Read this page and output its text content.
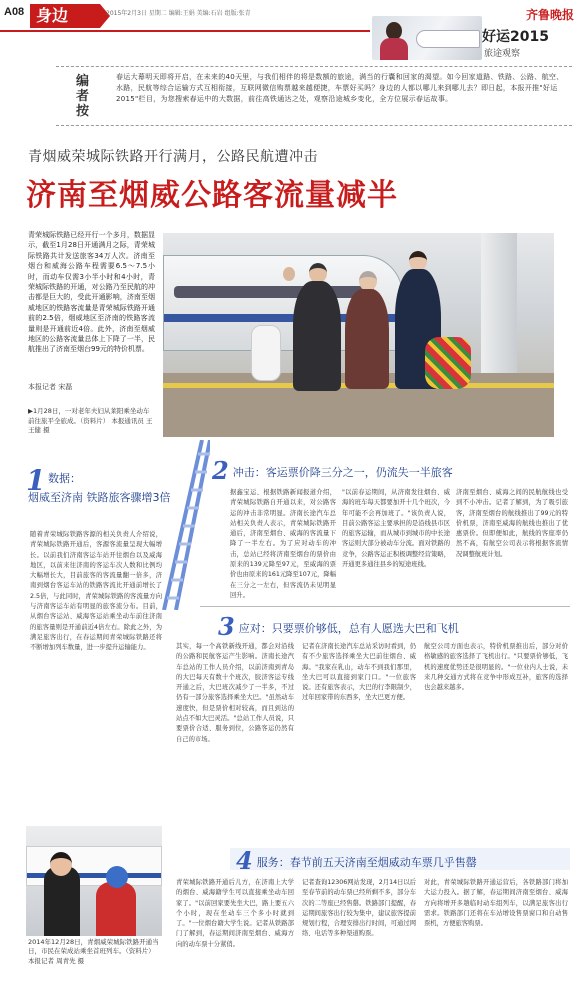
A08 身边	2015年2月3日 星期二 编辑:王娟 美编:石岩 组版:张青	齐鲁晚报
好运2015
旅途观察
编者按
春运大幕明天即将开启，在未来的40天里，与我们相伴的将是数额的旅途，满当的行囊和回家的渴望。如今回家道路、铁路、公路、航空、水路，民航等综合运输方式互相衔接，互联网微信购票越来越便捷，车票好买吗？身边的人都以哪儿来到哪儿去？即日起，本报开推"好运2015"栏目，为您搜索春运中的大数据，前往高铁通达之处，观察沿途城乡变化，全方位展示春运故事。
青烟威荣城际铁路开行满月，公路民航遭冲击
济南至烟威公路客流量减半
青荣城际铁路已经开行一个多月，数据显示，截至1月28日开通满月之际，青荣城际铁路共计发送旅客34万人次。济南至烟台和威海公路车程需要6.5～7.5小时，而动车仅需3小半小时和4小时，青荣城际铁路的开通，对公路乃至民航的冲击都是巨大的，受此开通影响，济南至烟威地区的铁路客流量是青荣城际铁路开通前的2.5倍，烟威地区至济南的铁路客流量则是开通前近4倍。此外，济南至烟威地区的公路客流量总体上下降了一半，民航推出了济南至烟台99元的特价机票。
本报记者 宋磊
▶1月28日，一对老年夫妇从莱阳乘坐动车前往旅平全旅成。（资料片） 本报通讯员 王王健 摄
1 数据：
烟威至济南 铁路旅客骤增3倍
随着青荣城际铁路客源的相关负责人介绍说，青荣城际铁路开通后，客源客流量呈现大幅增长。以前我们济南客运车站开往烟台以及威海地区，以前来往济南的客运车次人数和比例均大幅增长大，目前旅客的客流量翻一倍多，济南到烟台客运车站的铁路客流比开通前增长了2.5倍，与此同时，青荣城际铁路的客流量方向与济南客运车站有明显的旅客流分布。目前，从烟台客运站、威海客运站乘坐动车前往济南的旅客量则是开通前近4倍左右。除此之外，为满足旅客出行，在春运期间青荣城际铁路还将不断增加列车数量，进一步提升运输能力。
2 冲击：客运票价降三分之一，仍流失一半旅客
据鑫宝运、根据铁路新闻报道介绍，青荣城际铁路自开通以来，对公路客运的冲击非常明显。济南长途汽车总站相关负责人表示，青荣城际铁路开通后，济南至烟台、威海的客流量下降了一半左右。为了应对动车的冲击，总站已经将济南至烟台的票价由原来的139元降至97元，至威海的票价也由原来的161元降至107元，降幅在三分之一左右，但客流仍未见明显回升。
"以前春运期间，从济南发往烟台、威海的班车每天都要加开十几个班次，今年可能不会再加班了。"该负责人说，目前公路客运主要承担的是沿线县市区的旅客运输，而从城市到城市的中长途客运则大部分被动车分流。面对铁路的竞争，公路客运正积极调整经营策略，开通更多通往县乡的短途班线。
济南至烟台、威海之间的民航航线也受到不小冲击。记者了解到，为了吸引旅客，济南至烟台的航线推出了99元的特价机票，济南至威海的航线也推出了优惠票价。但即便如此，航线的客座率仍然不高，有航空公司表示将根据客流情况调整航班计划。
3 应对：只要票价够低，总有人愿选大巴和飞机
其实，每一个高铁新线开通，都会对沿线的公路和民航客运产生影响。济南长途汽车总站的工作人员介绍，以前济南到青岛的大巴每天有数十个班次，胶济客运专线开通之后，大巴班次减少了一半多，不过仍有一部分旅客选择乘坐大巴。"虽然动车速度快，但是票价相对较高，而且到达的站点不如大巴灵活。"总站工作人员说，只要票价合适、服务到位，公路客运仍然有自己的市场。
记者在济南长途汽车总站采访时看到，仍有不少旅客选择乘坐大巴前往烟台、威海。"我家在乳山，动车不到我们那里，坐大巴可以直接到家门口。"一位旅客说。还有旅客表示，大巴的行李限制少，过年回家带的东西多，坐大巴更方便。
航空公司方面也表示，特价机票推出后，部分对价格敏感的旅客选择了飞机出行。"只要票价够低，飞机的速度优势还是很明显的。"一位业内人士说，未来几种交通方式将在竞争中形成互补，旅客的选择也会越来越多。
4 服务：春节前五天济南至烟威动车票几乎售罄
青荣城际铁路开通后儿方，在济南上大学的烟台、威海籍学生可以直接乘坐动车回家了。"以前回家要先坐大巴，路上要五六个小时，现在坐动车三个多小时就到了。"一位烟台籍大学生说。记者从铁路部门了解到，春运期间济南至烟台、威海方向的动车票十分紧俏。
记者查询12306网站发现，2月14日以后至春节前的动车票已经所剩不多，部分车次的二等座已经售罄。铁路部门提醒，春运期间旅客出行较为集中，建议旅客提前规划行程，合理安排出行时间，可通过网络、电话等多种渠道购票。
对此，青荣城际铁路开通运营后，各铁路部门将加大运力投入。据了解，春运期间济南至烟台、威海方向将增开多趟临时动车组列车，以满足旅客出行需求。铁路部门还将在车站增设售票窗口和自动售票机，方便旅客购票。
2014年12月28日，青烟威荣城际铁路开通当日，市民在荣成站乘坐首班列车。（资料片） 本报记者 周青先 摄
